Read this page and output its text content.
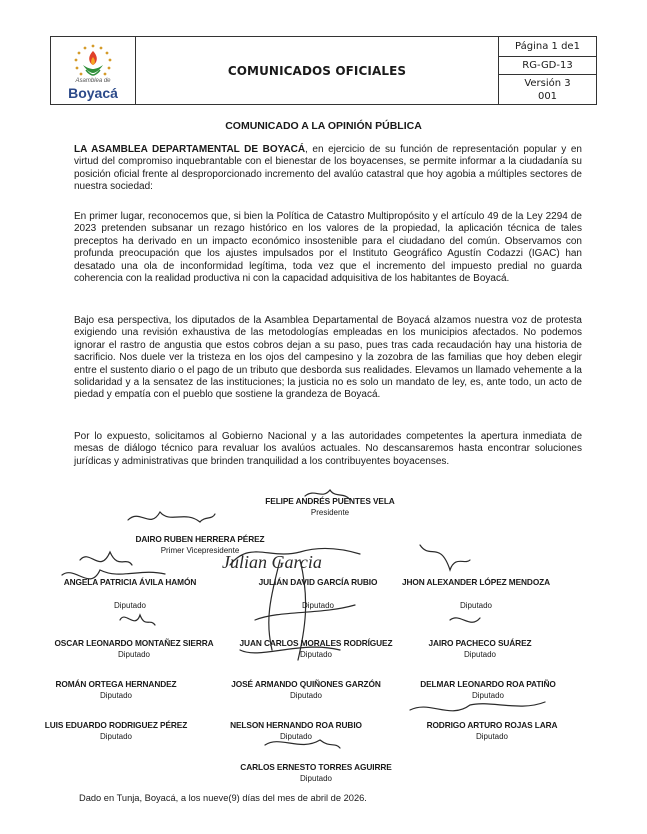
Asamblea de
Boyacá
COMUNICADOS OFICIALES
Página 1 de1
RG-GD-13
Versión 3
001
COMUNICADO A LA OPINIÓN PÚBLICA

LA ASAMBLEA DEPARTAMENTAL DE BOYACÁ, en ejercicio de su función de representación popular y en virtud del compromiso inquebrantable con el bienestar de los boyacenses, se permite informar a la ciudadanía su posición oficial frente al desproporcionado incremento del avalúo catastral que hoy agobia a múltiples sectores de nuestra sociedad:

En primer lugar, reconocemos que, si bien la Política de Catastro Multipropósito y el artículo 49 de la Ley 2294 de 2023 pretenden subsanar un rezago histórico en los valores de la propiedad, la aplicación técnica de tales preceptos ha derivado en un impacto económico insostenible para el ciudadano del común. Observamos con profunda preocupación que los ajustes impulsados por el Instituto Geográfico Agustín Codazzi (IGAC) han desatado una ola de inconformidad legítima, toda vez que el incremento del impuesto predial no guarda coherencia con la realidad productiva ni con la capacidad adquisitiva de los habitantes de Boyacá.

Bajo esa perspectiva, los diputados de la Asamblea Departamental de Boyacá alzamos nuestra voz de protesta exigiendo una revisión exhaustiva de las metodologías empleadas en los municipios afectados. No podemos ignorar el rastro de angustia que estos cobros dejan a su paso, pues tras cada recaudación hay una historia de sacrificio. Nos duele ver la tristeza en los ojos del campesino y la zozobra de las familias que hoy deben elegir entre el sustento diario o el pago de un tributo que desborda sus realidades. Elevamos un llamado vehemente a la solidaridad y a la sensatez de las instituciones; la justicia no es solo un mandato de ley, es, ante todo, un acto de piedad y empatía con el pueblo que sostiene la grandeza de Boyacá.

Por lo expuesto, solicitamos al Gobierno Nacional y a las autoridades competentes la apertura inmediata de mesas de diálogo técnico para revaluar los avalúos actuales. No descansaremos hasta encontrar soluciones jurídicas y administrativas que brinden tranquilidad a los contribuyentes boyacenses.

Julian Garcia
FELIPE ANDRÉS PUENTES VELA
Presidente
DAIRO RUBEN HERRERA PÉREZ
Primer Vicepresidente
ANGELA PATRICIA ÁVILA HAMÓN
Diputado
JULIÁN DAVID GARCÍA RUBIO
Diputado
JHON ALEXANDER LÓPEZ MENDOZA
Diputado
OSCAR LEONARDO MONTAÑEZ SIERRA
Diputado
JUAN CARLOS MORALES RODRÍGUEZ
Diputado
JAIRO PACHECO SUÁREZ
Diputado
ROMÁN ORTEGA HERNANDEZ
Diputado
JOSÉ ARMANDO QUIÑONES GARZÓN
Diputado
DELMAR LEONARDO ROA PATIÑO
Diputado
LUIS EDUARDO RODRIGUEZ PÉREZ
Diputado
NELSON HERNANDO ROA RUBIO
Diputado
RODRIGO ARTURO ROJAS LARA
Diputado
CARLOS ERNESTO TORRES AGUIRRE
Diputado
Dado en Tunja, Boyacá, a los nueve(9) días del mes de abril de 2026.
